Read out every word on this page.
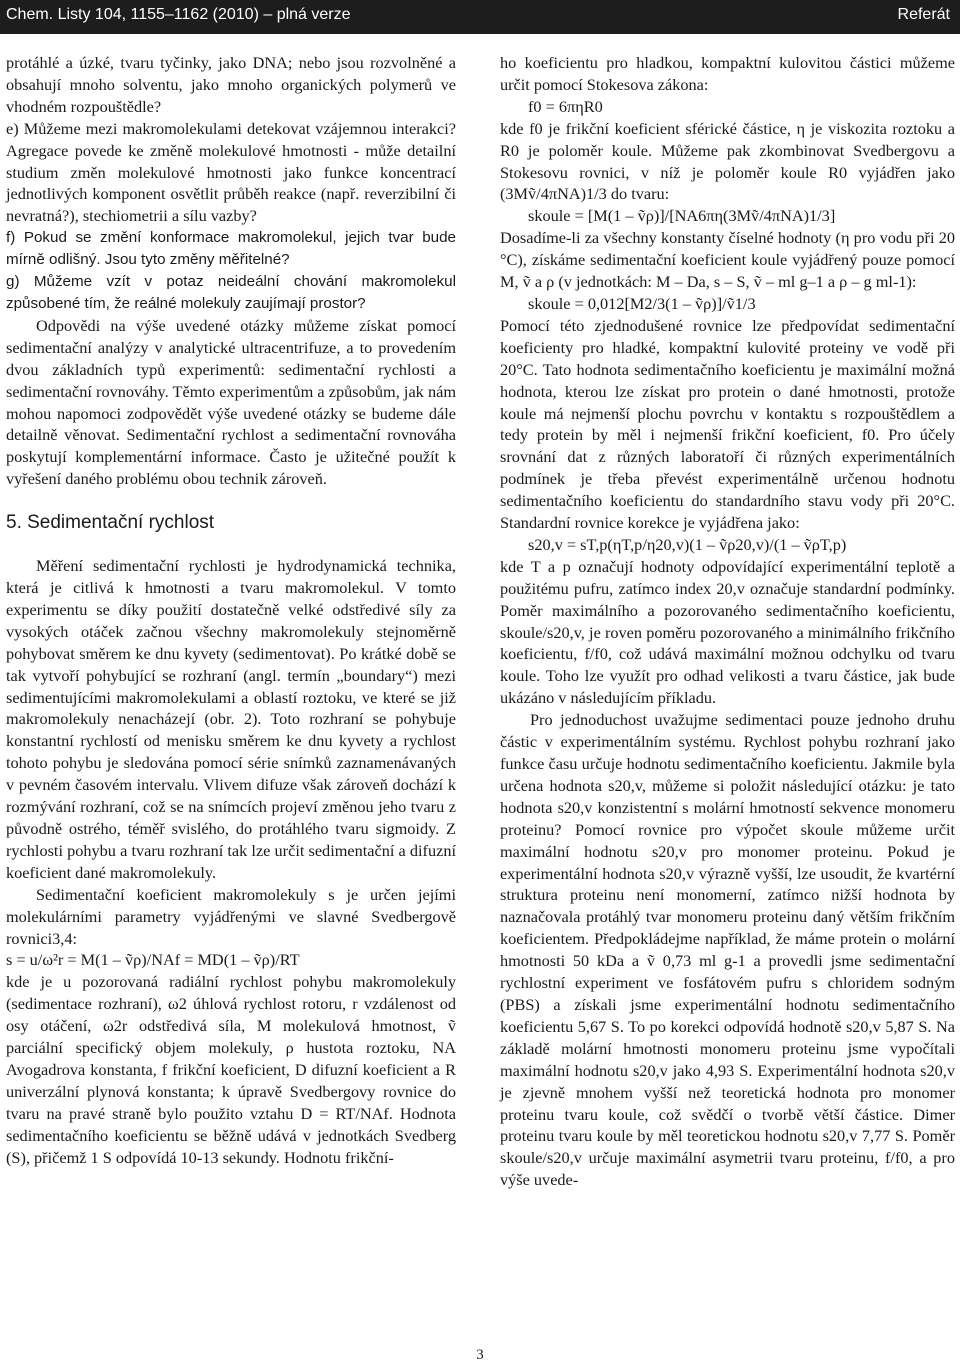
Chem. Listy 104, 1155–1162 (2010) – plná verze	Referát

protáhlé a úzké, tvaru tyčinky, jako DNA; nebo jsou rozvolněné a obsahují mnoho solventu, jako mnoho organických polymerů ve vhodném rozpouštědle?

e) Můžeme mezi makromolekulami detekovat vzájemnou interakci? Agregace povede ke změně molekulové hmotnosti - může detailní studium změn molekulové hmotnosti jako funkce koncentrací jednotlivých komponent osvětlit průběh reakce (např. reverzibilní či nevratná?), stechiometrii a sílu vazby?

f) Pokud se změní konformace makromolekul, jejich tvar bude mírně odlišný. Jsou tyto změny měřitelné?

g) Můžeme vzít v potaz neideální chování makromolekul způsobené tím, že reálné molekuly zaujímají prostor?

Odpovědi na výše uvedené otázky můžeme získat pomocí sedimentační analýzy v analytické ultracentrifuze, a to provedením dvou základních typů experimentů: sedimentační rychlosti a sedimentační rovnováhy. Těmto experimentům a způsobům, jak nám mohou napomoci zodpovědět výše uvedené otázky se budeme dále detailně věnovat. Sedimentační rychlost a sedimentační rovnováha poskytují komplementární informace. Často je užitečné použít k vyřešení daného problému obou technik zároveň.

5. Sedimentační rychlost

Měření sedimentační rychlosti je hydrodynamická technika, která je citlivá k hmotnosti a tvaru makromolekul. V tomto experimentu se díky použití dostatečně velké odstředivé síly za vysokých otáček začnou všechny makromolekuly stejnoměrně pohybovat směrem ke dnu kyvety (sedimentovat). Po krátké době se tak vytvoří pohybující se rozhraní (angl. termín „boundary“) mezi sedimentujícími makromolekulami a oblastí roztoku, ve které se již makromolekuly nenacházejí (obr. 2). Toto rozhraní se pohybuje konstantní rychlostí od menisku směrem ke dnu kyvety a rychlost tohoto pohybu je sledována pomocí série snímků zaznamenávaných v pevném časovém intervalu. Vlivem difuze však zároveň dochází k rozmývání rozhraní, což se na snímcích projeví změnou jeho tvaru z původně ostrého, téměř svislého, do protáhlého tvaru sigmoidy. Z rychlosti pohybu a tvaru rozhraní tak lze určit sedimentační a difuzní koeficient dané makromolekuly.

Sedimentační koeficient makromolekuly s je určen jejími molekulárními parametry vyjádřenými ve slavné Svedbergově rovnici3,4:

s = u/ω²r = M(1 – ṽρ)/NAf = MD(1 – ṽρ)/RT

kde je u pozorovaná radiální rychlost pohybu makromolekuly (sedimentace rozhraní), ω2 úhlová rychlost rotoru, r vzdálenost od osy otáčení, ω2r odstředivá síla, M molekulová hmotnost, ṽ parciální specifický objem molekuly, ρ hustota roztoku, NA Avogadrova konstanta, f frikční koeficient, D difuzní koeficient a R univerzální plynová konstanta; k úpravě Svedbergovy rovnice do tvaru na pravé straně bylo použito vztahu D = RT/NAf. Hodnota sedimentačního koeficientu se běžně udává v jednotkách Svedberg (S), přičemž 1 S odpovídá 10-13 sekundy. Hodnotu frikční-

ho koeficientu pro hladkou, kompaktní kulovitou částici můžeme určit pomocí Stokesova zákona:

f0 = 6πηR0

kde f0 je frikční koeficient sférické částice, η je viskozita roztoku a R0 je poloměr koule. Můžeme pak zkombinovat Svedbergovu a Stokesovu rovnici, v níž je poloměr koule R0 vyjádřen jako (3Mṽ/4πNA)1/3 do tvaru:

skoule = [M(1 – ṽρ)]/[NA6πη(3Mṽ/4πNA)1/3]

Dosadíme-li za všechny konstanty číselné hodnoty (η pro vodu při 20 °C), získáme sedimentační koeficient koule vyjádřený pouze pomocí M, ṽ a ρ (v jednotkách: M – Da, s – S, ṽ – ml g–1 a ρ – g ml-1):

skoule = 0,012[M2/3(1 – ṽρ)]/ṽ1/3

Pomocí této zjednodušené rovnice lze předpovídat sedimentační koeficienty pro hladké, kompaktní kulovité proteiny ve vodě při 20°C. Tato hodnota sedimentačního koeficientu je maximální možná hodnota, kterou lze získat pro protein o dané hmotnosti, protože koule má nejmenší plochu povrchu v kontaktu s rozpouštědlem a tedy protein by měl i nejmenší frikční koeficient, f0. Pro účely srovnání dat z různých laboratoří či různých experimentálních podmínek je třeba převést experimentálně určenou hodnotu sedimentačního koeficientu do standardního stavu vody při 20°C. Standardní rovnice korekce je vyjádřena jako:

s20,v = sT,p(ηT,p/η20,v)(1 – ṽρ20,v)/(1 – ṽρT,p)

kde T a p označují hodnoty odpovídající experimentální teplotě a použitému pufru, zatímco index 20,v označuje standardní podmínky. Poměr maximálního a pozorovaného sedimentačního koeficientu, skoule/s20,v, je roven poměru pozorovaného a minimálního frikčního koeficientu, f/f0, což udává maximální možnou odchylku od tvaru koule. Toho lze využít pro odhad velikosti a tvaru částice, jak bude ukázáno v následujícím příkladu.

Pro jednoduchost uvažujme sedimentaci pouze jednoho druhu částic v experimentálním systému. Rychlost pohybu rozhraní jako funkce času určuje hodnotu sedimentačního koeficientu. Jakmile byla určena hodnota s20,v, můžeme si položit následující otázku: je tato hodnota s20,v konzistentní s molární hmotností sekvence monomeru proteinu? Pomocí rovnice pro výpočet skoule můžeme určit maximální hodnotu s20,v pro monomer proteinu. Pokud je experimentální hodnota s20,v výrazně vyšší, lze usoudit, že kvartérní struktura proteinu není monomerní, zatímco nižší hodnota by naznačovala protáhlý tvar monomeru proteinu daný větším frikčním koeficientem. Předpokládejme například, že máme protein o molární hmotnosti 50 kDa a ṽ 0,73 ml g-1 a provedli jsme sedimentační rychlostní experiment ve fosfátovém pufru s chloridem sodným (PBS) a získali jsme experimentální hodnotu sedimentačního koeficientu 5,67 S. To po korekci odpovídá hodnotě s20,v 5,87 S. Na základě molární hmotnosti monomeru proteinu jsme vypočítali maximální hodnotu s20,v jako 4,93 S. Experimentální hodnota s20,v je zjevně mnohem vyšší než teoretická hodnota pro monomer proteinu tvaru koule, což svědčí o tvorbě větší částice. Dimer proteinu tvaru koule by měl teoretickou hodnotu s20,v 7,77 S. Poměr skoule/s20,v určuje maximální asymetrii tvaru proteinu, f/f0, a pro výše uvede-

3
